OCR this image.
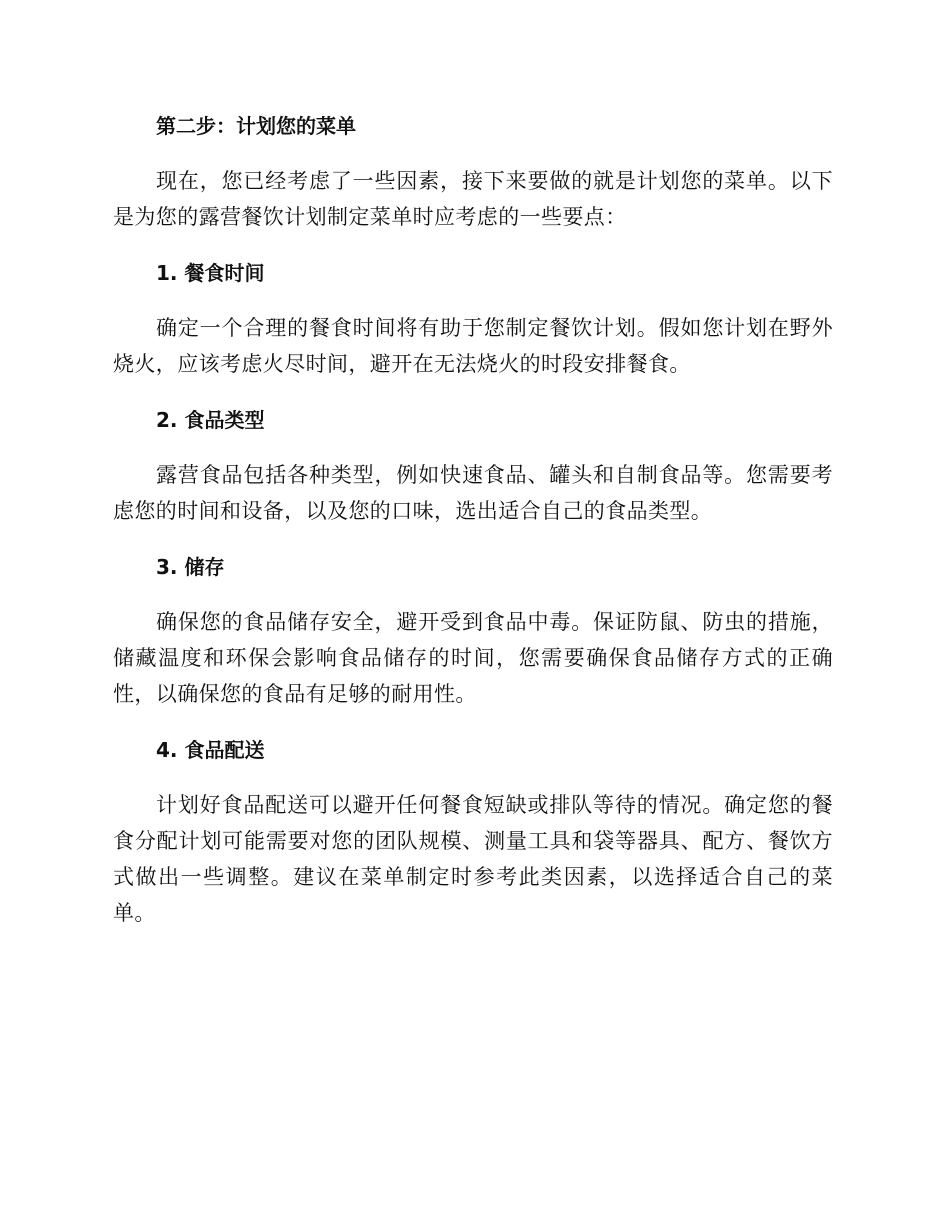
第二步：计划您的菜单

现在，您已经考虑了一些因素，接下来要做的就是计划您的菜单。以下是为您的露营餐饮计划制定菜单时应考虑的一些要点：

1. 餐食时间

确定一个合理的餐食时间将有助于您制定餐饮计划。假如您计划在野外烧火，应该考虑火尽时间，避开在无法烧火的时段安排餐食。

2. 食品类型

露营食品包括各种类型，例如快速食品、罐头和自制食品等。您需要考虑您的时间和设备，以及您的口味，选出适合自己的食品类型。

3. 储存

确保您的食品储存安全，避开受到食品中毒。保证防鼠、防虫的措施，储藏温度和环保会影响食品储存的时间，您需要确保食品储存方式的正确性，以确保您的食品有足够的耐用性。

4. 食品配送

计划好食品配送可以避开任何餐食短缺或排队等待的情况。确定您的餐食分配计划可能需要对您的团队规模、测量工具和袋等器具、配方、餐饮方式做出一些调整。建议在菜单制定时参考此类因素，以选择适合自己的菜单。
